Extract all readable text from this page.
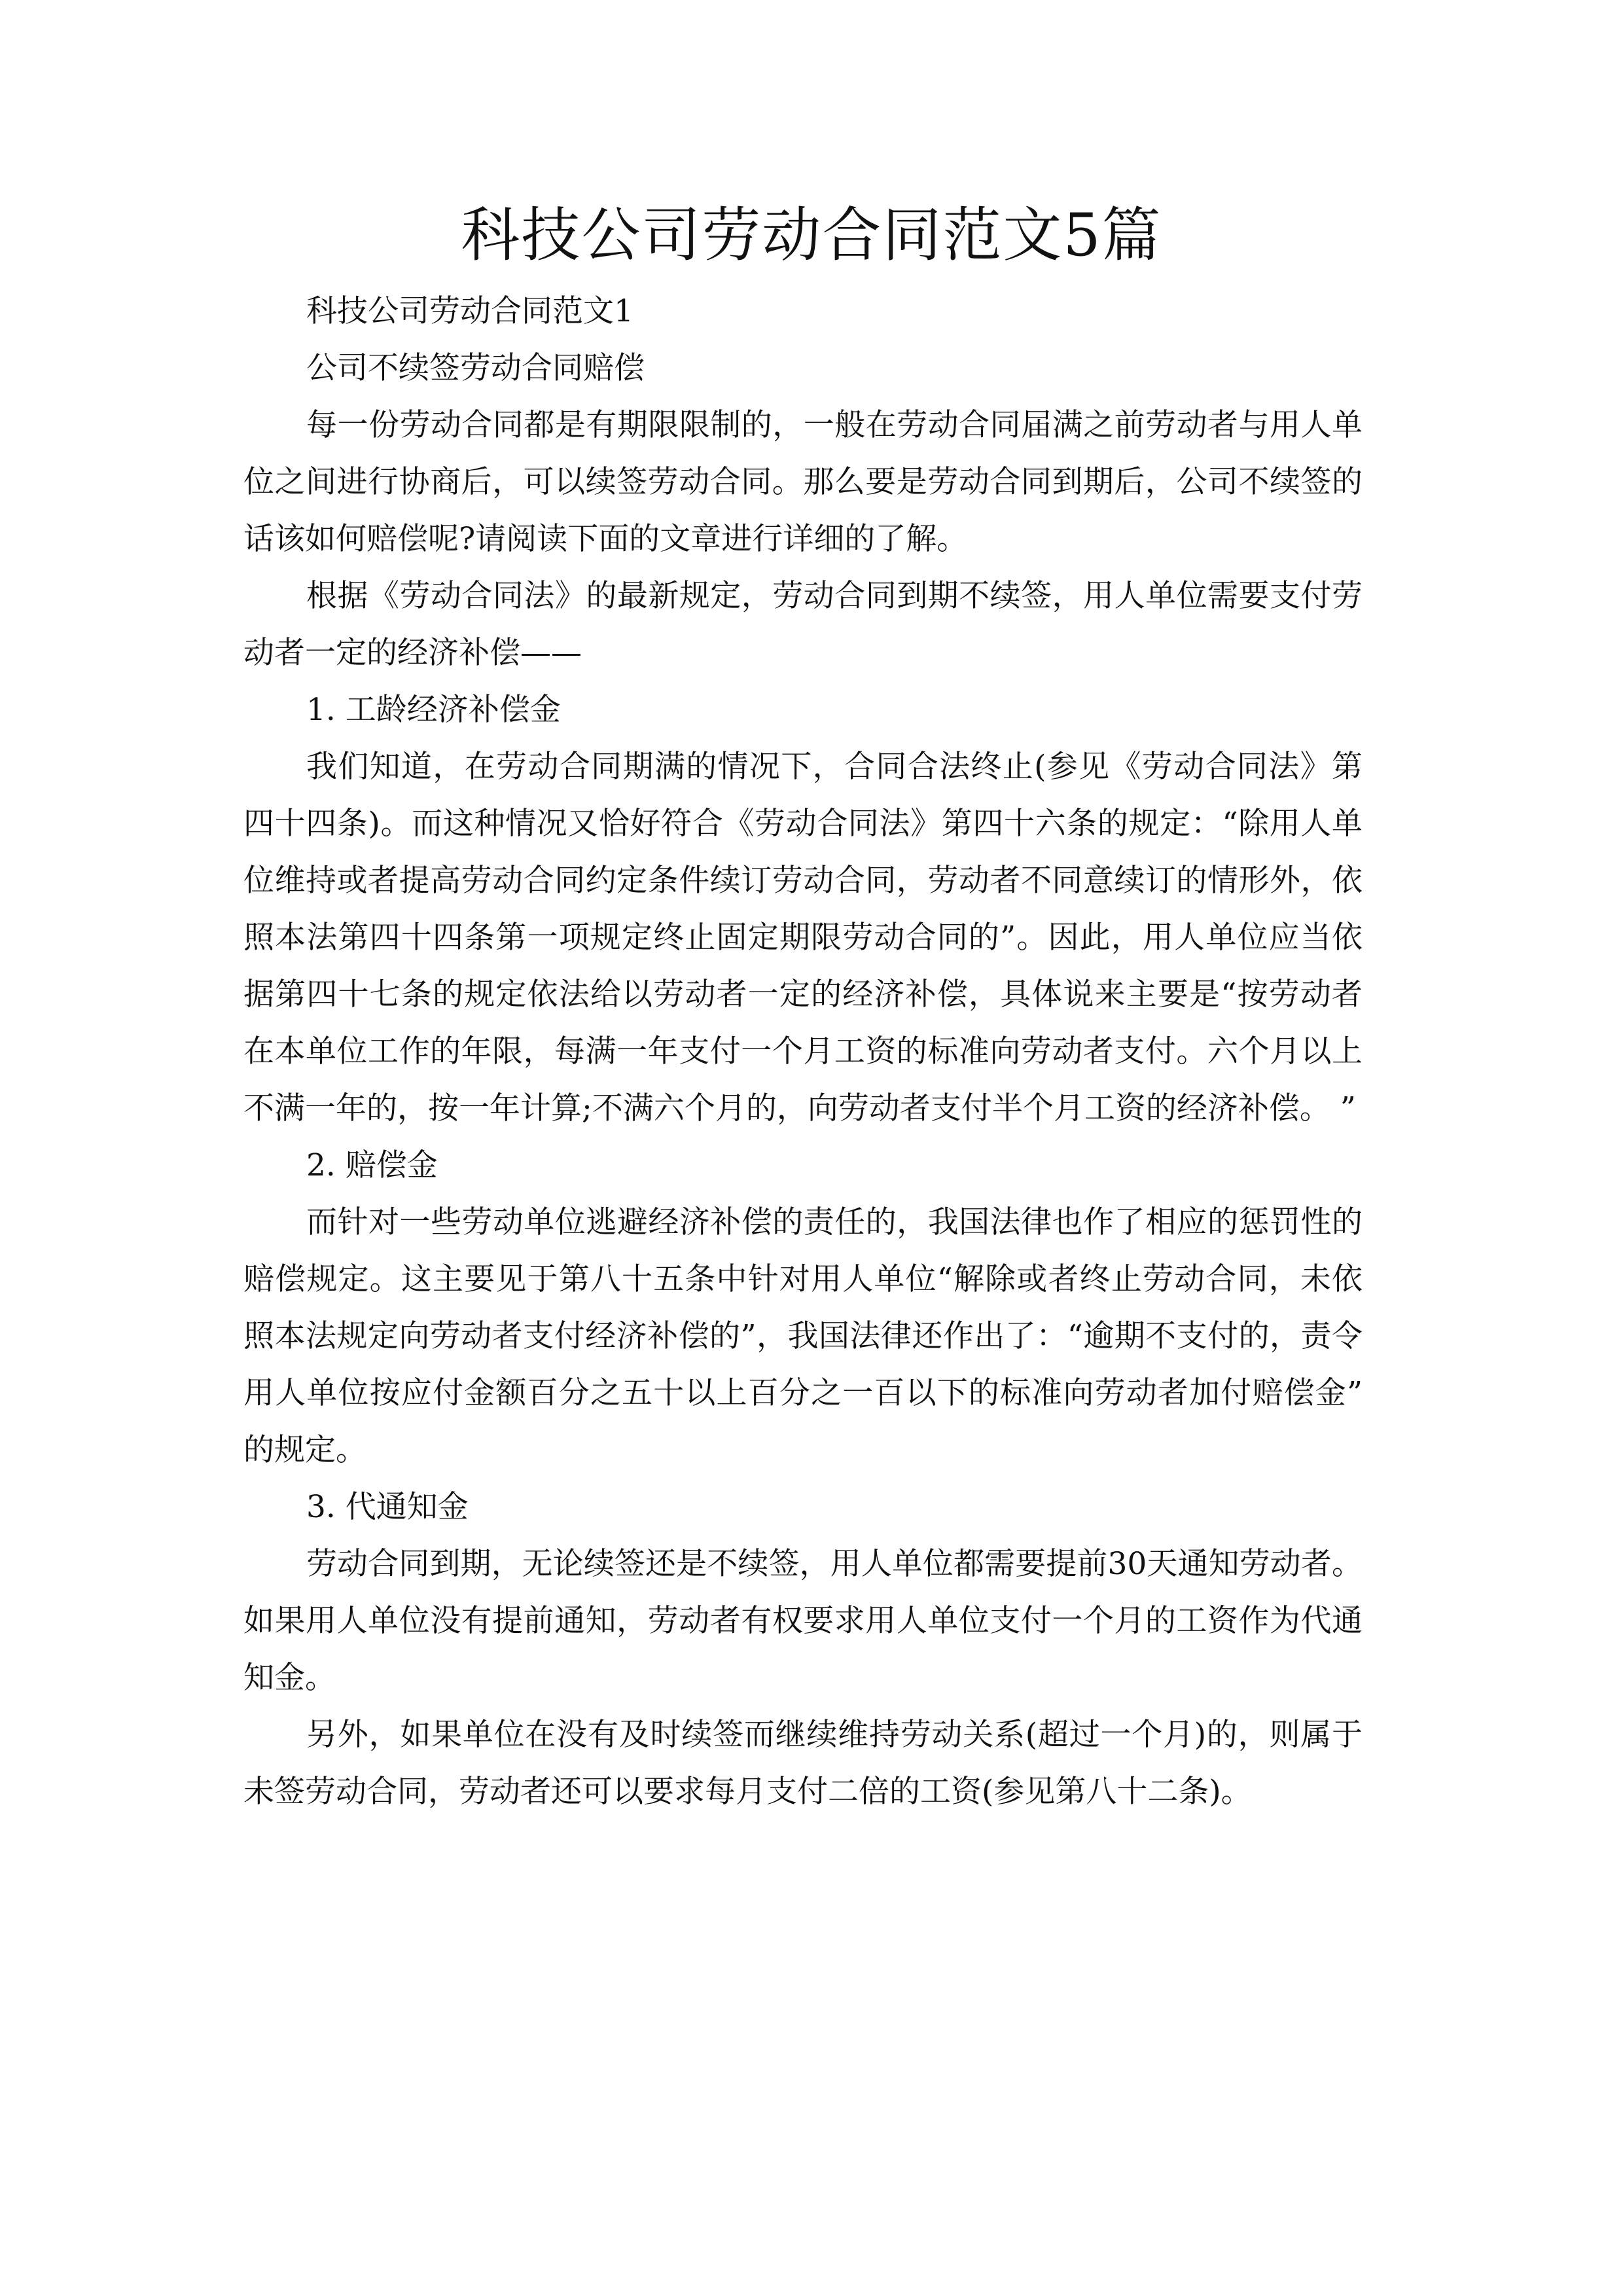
科技公司劳动合同范文5篇

科技公司劳动合同范文1

公司不续签劳动合同赔偿

每一份劳动合同都是有期限限制的，一般在劳动合同届满之前劳动者与用人单位之间进行协商后，可以续签劳动合同。那么要是劳动合同到期后，公司不续签的话该如何赔偿呢?请阅读下面的文章进行详细的了解。

根据《劳动合同法》的最新规定，劳动合同到期不续签，用人单位需要支付劳动者一定的经济补偿——

1. 工龄经济补偿金

我们知道，在劳动合同期满的情况下，合同合法终止(参见《劳动合同法》第四十四条)。而这种情况又恰好符合《劳动合同法》第四十六条的规定：“除用人单位维持或者提高劳动合同约定条件续订劳动合同，劳动者不同意续订的情形外，依照本法第四十四条第一项规定终止固定期限劳动合同的”。因此，用人单位应当依据第四十七条的规定依法给以劳动者一定的经济补偿，具体说来主要是“按劳动者在本单位工作的年限，每满一年支付一个月工资的标准向劳动者支付。六个月以上不满一年的，按一年计算;不满六个月的，向劳动者支付半个月工资的经济补偿。 ”

2. 赔偿金

而针对一些劳动单位逃避经济补偿的责任的，我国法律也作了相应的惩罚性的赔偿规定。这主要见于第八十五条中针对用人单位“解除或者终止劳动合同，未依照本法规定向劳动者支付经济补偿的”，我国法律还作出了：“逾期不支付的，责令用人单位按应付金额百分之五十以上百分之一百以下的标准向劳动者加付赔偿金” 的规定。

3. 代通知金

劳动合同到期，无论续签还是不续签，用人单位都需要提前30天通知劳动者。如果用人单位没有提前通知，劳动者有权要求用人单位支付一个月的工资作为代通知金。

另外，如果单位在没有及时续签而继续维持劳动关系(超过一个月)的，则属于未签劳动合同，劳动者还可以要求每月支付二倍的工资(参见第八十二条)。
